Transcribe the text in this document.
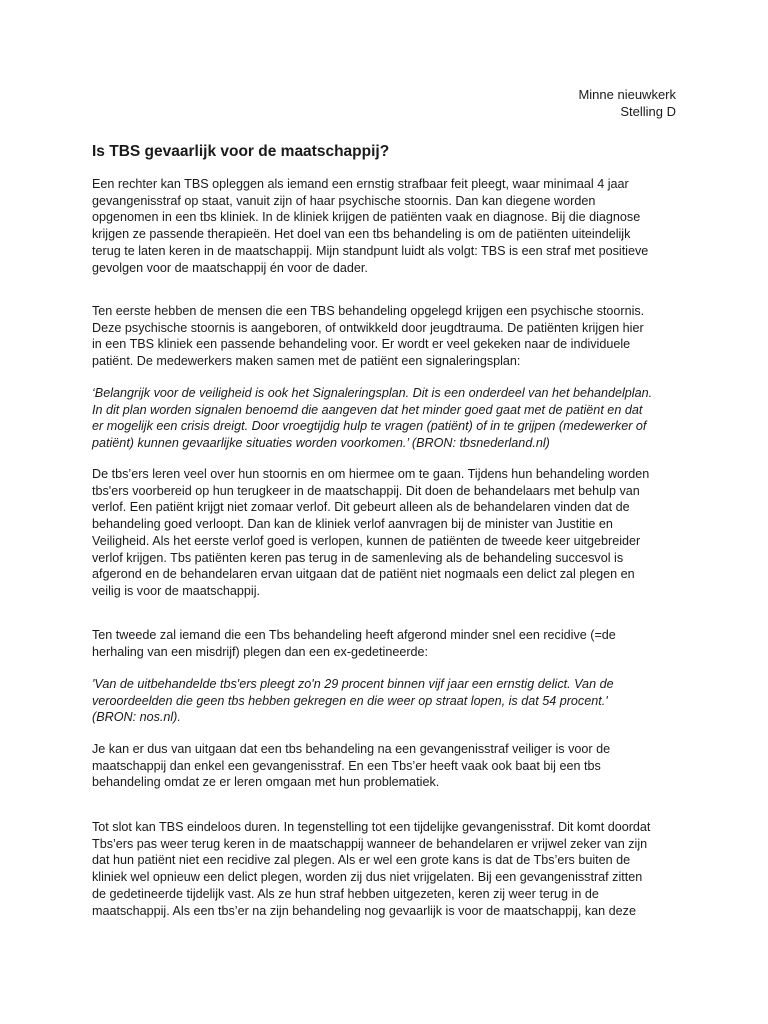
Minne nieuwkerk
Stelling D
Is TBS gevaarlijk voor de maatschappij?

Een rechter kan TBS opleggen als iemand een ernstig strafbaar feit pleegt, waar minimaal 4 jaar
gevangenisstraf op staat, vanuit zijn of haar psychische stoornis. Dan kan diegene worden
opgenomen in een tbs kliniek. In de kliniek krijgen de patiënten vaak en diagnose. Bij die diagnose
krijgen ze passende therapieën. Het doel van een tbs behandeling is om de patiënten uiteindelijk
terug te laten keren in de maatschappij. Mijn standpunt luidt als volgt: TBS is een straf met positieve
gevolgen voor de maatschappij én voor de dader.

Ten eerste hebben de mensen die een TBS behandeling opgelegd krijgen een psychische stoornis.
Deze psychische stoornis is aangeboren, of ontwikkeld door jeugdtrauma. De patiënten krijgen hier
in een TBS kliniek een passende behandeling voor. Er wordt er veel gekeken naar de individuele
patiënt. De medewerkers maken samen met de patiënt een signaleringsplan:

‘Belangrijk voor de veiligheid is ook het Signaleringsplan. Dit is een onderdeel van het behandelplan.
In dit plan worden signalen benoemd die aangeven dat het minder goed gaat met de patiënt en dat
er mogelijk een crisis dreigt. Door vroegtijdig hulp te vragen (patiënt) of in te grijpen (medewerker of
patiënt) kunnen gevaarlijke situaties worden voorkomen.’ (BRON: tbsnederland.nl)

De tbs’ers leren veel over hun stoornis en om hiermee om te gaan. Tijdens hun behandeling worden
tbs'ers voorbereid op hun terugkeer in de maatschappij. Dit doen de behandelaars met behulp van
verlof. Een patiënt krijgt niet zomaar verlof. Dit gebeurt alleen als de behandelaren vinden dat de
behandeling goed verloopt. Dan kan de kliniek verlof aanvragen bij de minister van Justitie en
Veiligheid. Als het eerste verlof goed is verlopen, kunnen de patiënten de tweede keer uitgebreider
verlof krijgen. Tbs patiënten keren pas terug in de samenleving als de behandeling succesvol is
afgerond en de behandelaren ervan uitgaan dat de patiënt niet nogmaals een delict zal plegen en
veilig is voor de maatschappij.

Ten tweede zal iemand die een Tbs behandeling heeft afgerond minder snel een recidive (=de
herhaling van een misdrijf) plegen dan een ex-gedetineerde:

'Van de uitbehandelde tbs'ers pleegt zo'n 29 procent binnen vijf jaar een ernstig delict. Van de
veroordeelden die geen tbs hebben gekregen en die weer op straat lopen, is dat 54 procent.'
(BRON: nos.nl).

Je kan er dus van uitgaan dat een tbs behandeling na een gevangenisstraf veiliger is voor de
maatschappij dan enkel een gevangenisstraf. En een Tbs’er heeft vaak ook baat bij een tbs
behandeling omdat ze er leren omgaan met hun problematiek.

Tot slot kan TBS eindeloos duren. In tegenstelling tot een tijdelijke gevangenisstraf. Dit komt doordat
Tbs’ers pas weer terug keren in de maatschappij wanneer de behandelaren er vrijwel zeker van zijn
dat hun patiënt niet een recidive zal plegen. Als er wel een grote kans is dat de Tbs’ers buiten de
kliniek wel opnieuw een delict plegen, worden zij dus niet vrijgelaten. Bij een gevangenisstraf zitten
de gedetineerde tijdelijk vast. Als ze hun straf hebben uitgezeten, keren zij weer terug in de
maatschappij. Als een tbs’er na zijn behandeling nog gevaarlijk is voor de maatschappij, kan deze
